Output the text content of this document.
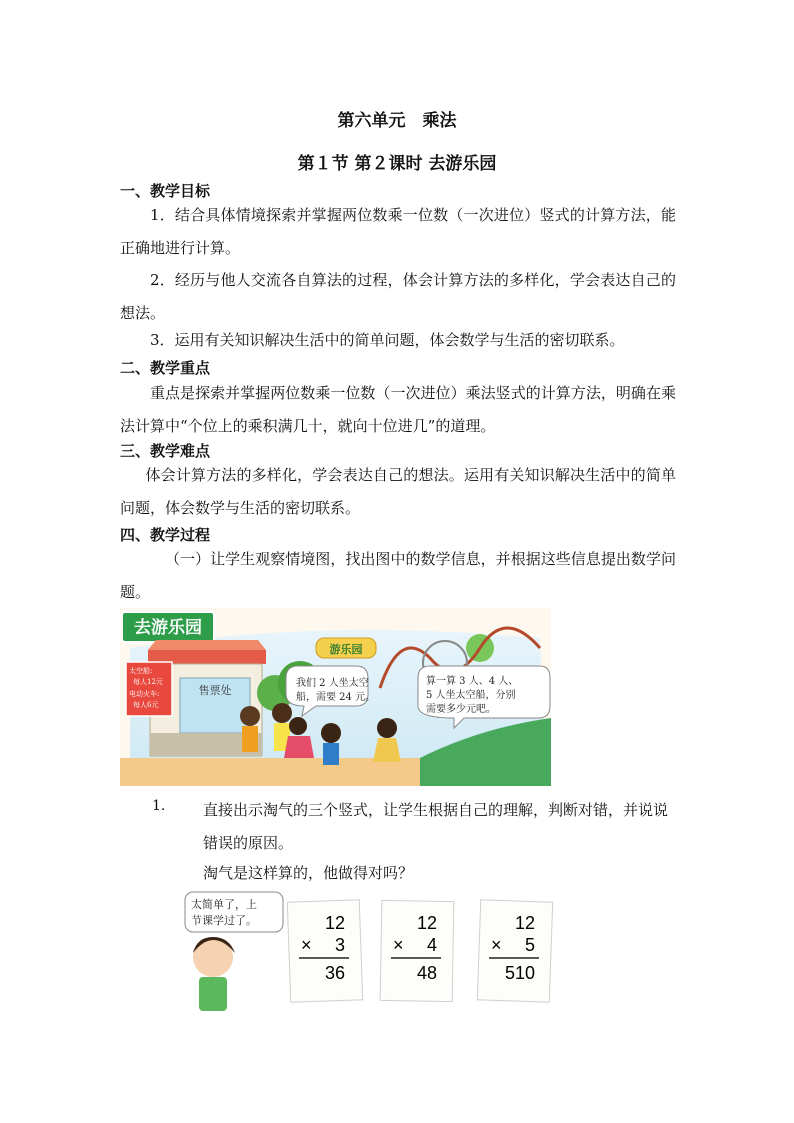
第六单元　乘法
第１节 第２课时 去游乐园
一、教学目标
1．结合具体情境探索并掌握两位数乘一位数（一次进位）竖式的计算方法，能正确地进行计算。
2．经历与他人交流各自算法的过程，体会计算方法的多样化，学会表达自己的想法。
3．运用有关知识解决生活中的简单问题，体会数学与生活的密切联系。
二、教学重点
重点是探索并掌握两位数乘一位数（一次进位）乘法竖式的计算方法，明确在乘法计算中“个位上的乘积满几十，就向十位进几”的道理。
三、教学难点
体会计算方法的多样化，学会表达自己的想法。运用有关知识解决生活中的简单问题，体会数学与生活的密切联系。
四、教学过程
（一）让学生观察情境图，找出图中的数学信息，并根据这些信息提出数学问题。
去游乐园
售票处
太空船:
每人12元
电动火车:
每人6元
游乐园
我们 2 人坐太空 船，需要 24 元。
算一算 3 人、4 人、 5 人坐太空船，分别 需要多少元吧。
1.	直接出示淘气的三个竖式，让学生根据自己的理解，判断对错，并说说错误的原因。
淘气是这样算的，他做得对吗？
太简单了，上 节课学过了。	12
× 3
36
12
× 4
48
12
× 5
510
